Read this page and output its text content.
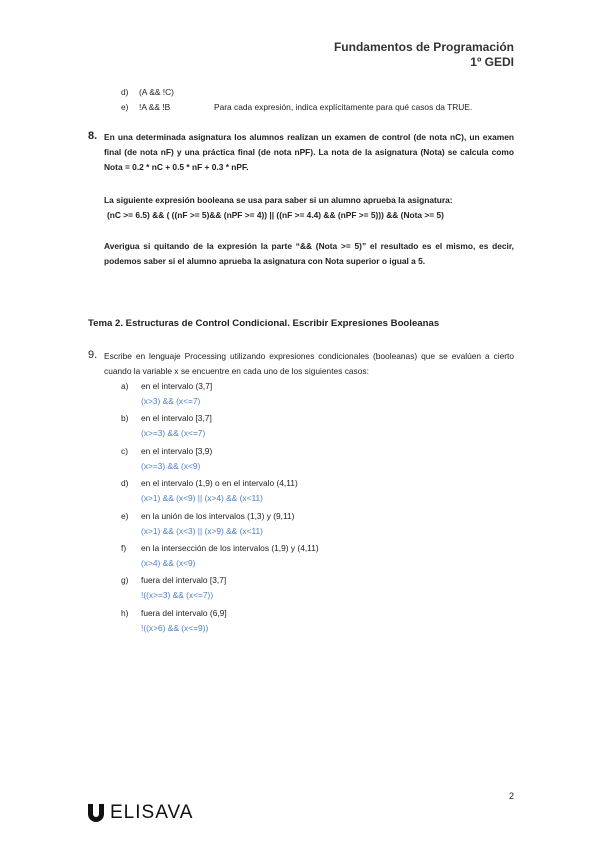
Fundamentos de Programación
1º GEDI
d) (A && !C)
e) !A && !B	Para cada expresión, indica explícitamente para qué casos da TRUE.
8. En una determinada asignatura los alumnos realizan un examen de control (de nota nC), un examen final (de nota nF) y una práctica final (de nota nPF). La nota de la asignatura (Nota) se calcula como Nota = 0.2 * nC + 0.5 * nF + 0.3 * nPF.
La siguiente expresión booleana se usa para saber si un alumno aprueba la asignatura:
(nC >= 6.5) && ( ((nF >= 5)&& (nPF >= 4)) || ((nF >= 4.4) && (nPF >= 5))) && (Nota >= 5)
Averigua si quitando de la expresión la parte “&& (Nota >= 5)” el resultado es el mismo, es decir, podemos saber si el alumno aprueba la asignatura con Nota superior o igual a 5.
Tema 2. Estructuras de Control Condicional. Escribir Expresiones Booleanas
9. Escribe en lenguaje Processing utilizando expresiones condicionales (booleanas) que se evalúen a cierto cuando la variable x se encuentre en cada uno de los siguientes casos:
a) en el intervalo (3,7]
(x>3) && (x<=7)
b) en el intervalo [3,7]
(x>=3) && (x<=7)
c) en el intervalo [3,9)
(x>=3) && (x<9)
d) en el intervalo (1,9) o en el intervalo (4,11)
(x>1) && (x<9) || (x>4) && (x<11)
e) en la unión de los intervalos (1,3) y (9,11)
(x>1) && (x<3) || (x>9) && (x<11)
f) en la intersección de los intervalos (1,9) y (4,11)
(x>4) && (x<9)
g) fuera del intervalo [3,7]
!((x>=3) && (x<=7))
h) fuera del intervalo (6,9]
!((x>6) && (x<=9))
2
ELISAVA
